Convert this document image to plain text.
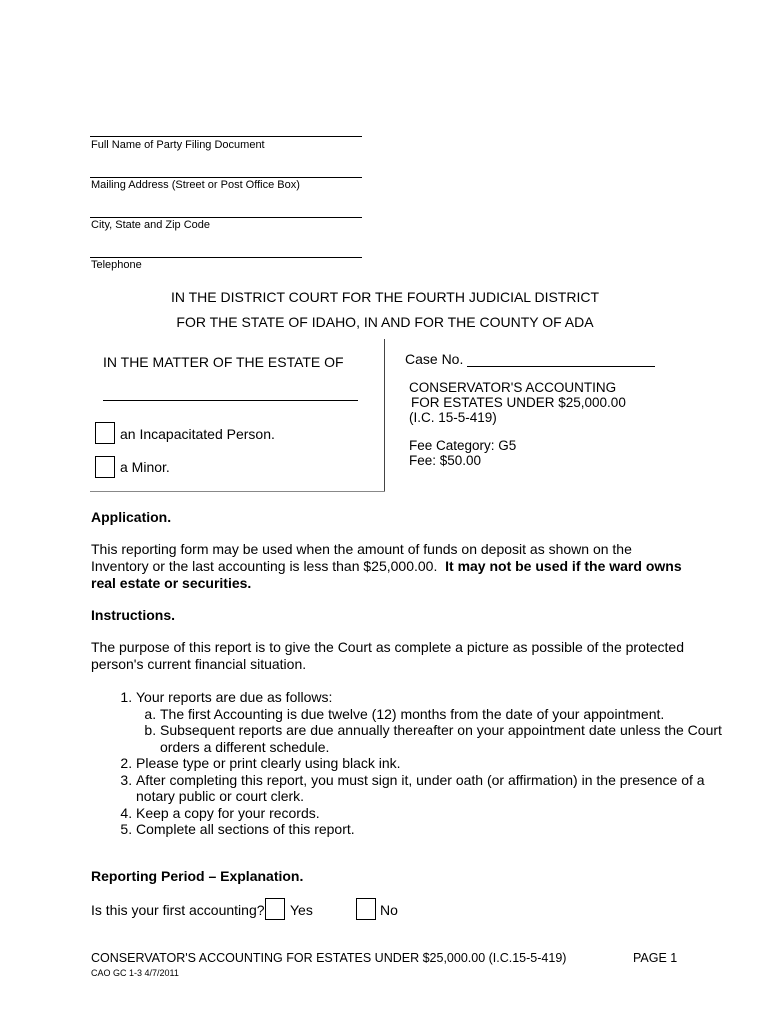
Full Name of Party Filing Document
Mailing Address (Street or Post Office Box)
City, State and Zip Code
Telephone
IN THE DISTRICT COURT FOR THE FOURTH JUDICIAL DISTRICT
FOR THE STATE OF IDAHO, IN AND FOR THE COUNTY OF ADA
IN THE MATTER OF THE ESTATE OF
an Incapacitated Person.
a Minor.
Case No.
CONSERVATOR'S ACCOUNTING
FOR ESTATES UNDER $25,000.00
(I.C. 15-5-419)
Fee Category: G5
Fee: $50.00
Application.
This reporting form may be used when the amount of funds on deposit as shown on the Inventory or the last accounting is less than $25,000.00. It may not be used if the ward owns real estate or securities.
Instructions.
The purpose of this report is to give the Court as complete a picture as possible of the protected person's current financial situation.
1. Your reports are due as follows:
a. The first Accounting is due twelve (12) months from the date of your appointment.
b. Subsequent reports are due annually thereafter on your appointment date unless the Court orders a different schedule.
2. Please type or print clearly using black ink.
3. After completing this report, you must sign it, under oath (or affirmation) in the presence of a notary public or court clerk.
4. Keep a copy for your records.
5. Complete all sections of this report.
Reporting Period – Explanation.
Is this your first accounting? Yes	No
CONSERVATOR'S ACCOUNTING FOR ESTATES UNDER $25,000.00 (I.C.15-5-419)	PAGE 1
CAO GC 1-3 4/7/2011
